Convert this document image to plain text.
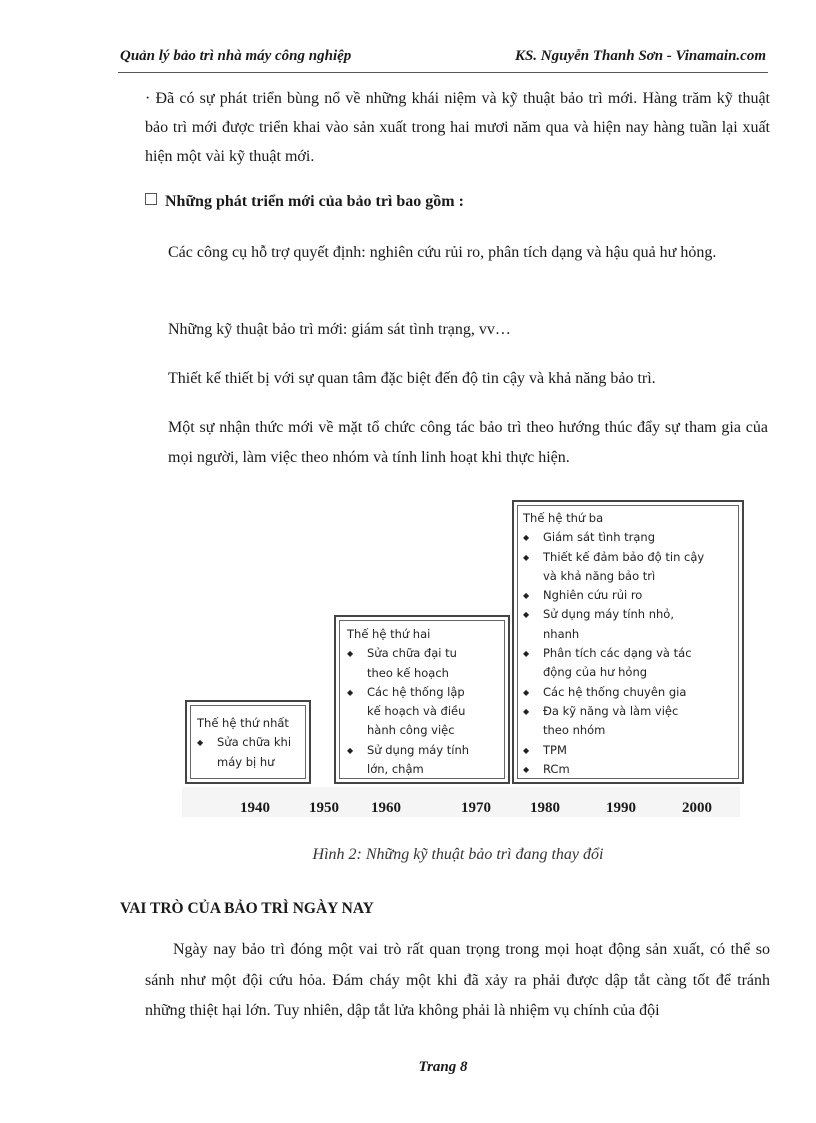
Quản lý bảo trì nhà máy công nghiệp	KS. Nguyễn Thanh Sơn - Vinamain.com
· Đã có sự phát triển bùng nổ về những khái niệm và kỹ thuật bảo trì mới. Hàng trăm kỹ thuật bảo trì mới được triển khai vào sản xuất trong hai mươi năm qua và hiện nay hàng tuần lại xuất hiện một vài kỹ thuật mới.
Những phát triển mới của bảo trì bao gồm :
Các công cụ hỗ trợ quyết định: nghiên cứu rủi ro, phân tích dạng và hậu quả hư hỏng.
Những kỹ thuật bảo trì mới: giám sát tình trạng, vv…
Thiết kế thiết bị với sự quan tâm đặc biệt đến độ tin cậy và khả năng bảo trì.
Một sự nhận thức mới về mặt tổ chức công tác bảo trì theo hướng thúc đẩy sự tham gia của mọi người, làm việc theo nhóm và tính linh hoạt khi thực hiện.
Thế hệ thứ nhất
◆ Sửa chữa khi
máy bị hư
Thế hệ thứ hai
◆ Sửa chữa đại tu
theo kế hoạch
◆ Các hệ thống lập
kế hoạch và điều
hành công việc
◆ Sử dụng máy tính
lớn, chậm
Thế hệ thứ ba
◆ Giám sát tình trạng
◆ Thiết kế đảm bảo độ tin cậy
và khả năng bảo trì
◆ Nghiên cứu rủi ro
◆ Sử dụng máy tính nhỏ,
nhanh
◆ Phân tích các dạng và tác
động của hư hỏng
◆ Các hệ thống chuyên gia
◆ Đa kỹ năng và làm việc
theo nhóm
◆ TPM
◆ RCm
1940	1950 1960	1970	1980	1990	2000
Hình 2: Những kỹ thuật bảo trì đang thay đổi
VAI TRÒ CỦA BẢO TRÌ NGÀY NAY
Ngày nay bảo trì đóng một vai trò rất quan trọng trong mọi hoạt động sản xuất, có thể so sánh như một đội cứu hỏa. Đám cháy một khi đã xảy ra phải được dập tắt càng tốt để tránh những thiệt hại lớn. Tuy nhiên, dập tắt lửa không phải là nhiệm vụ chính của đội
Trang 8
